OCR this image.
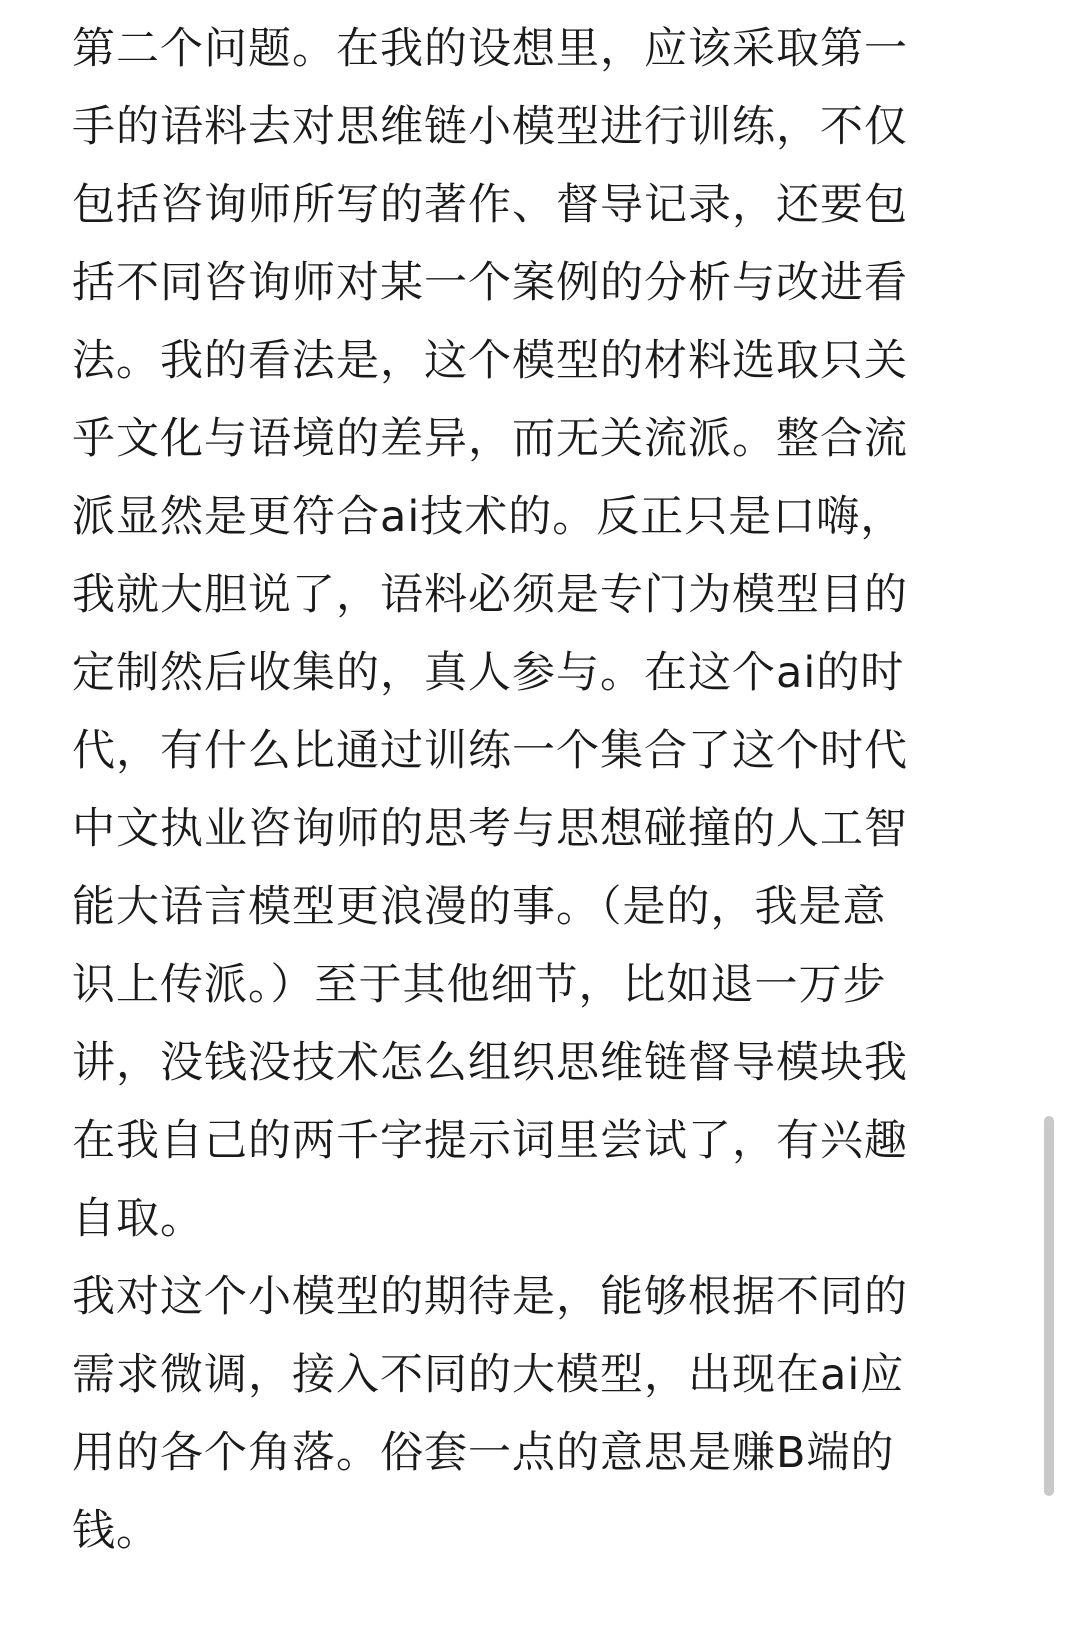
第二个问题。在我的设想里，应该采取第一
手的语料去对思维链小模型进行训练，不仅
包括咨询师所写的著作、督导记录，还要包
括不同咨询师对某一个案例的分析与改进看
法。我的看法是，这个模型的材料选取只关
乎文化与语境的差异，而无关流派。整合流
派显然是更符合ai技术的。反正只是口嗨，
我就大胆说了，语料必须是专门为模型目的
定制然后收集的，真人参与。在这个ai的时
代，有什么比通过训练一个集合了这个时代
中文执业咨询师的思考与思想碰撞的人工智
能大语言模型更浪漫的事。（是的，我是意
识上传派。）至于其他细节，比如退一万步
讲，没钱没技术怎么组织思维链督导模块我
在我自己的两千字提示词里尝试了，有兴趣
自取。
我对这个小模型的期待是，能够根据不同的
需求微调，接入不同的大模型，出现在ai应
用的各个角落。俗套一点的意思是赚B端的
钱。
